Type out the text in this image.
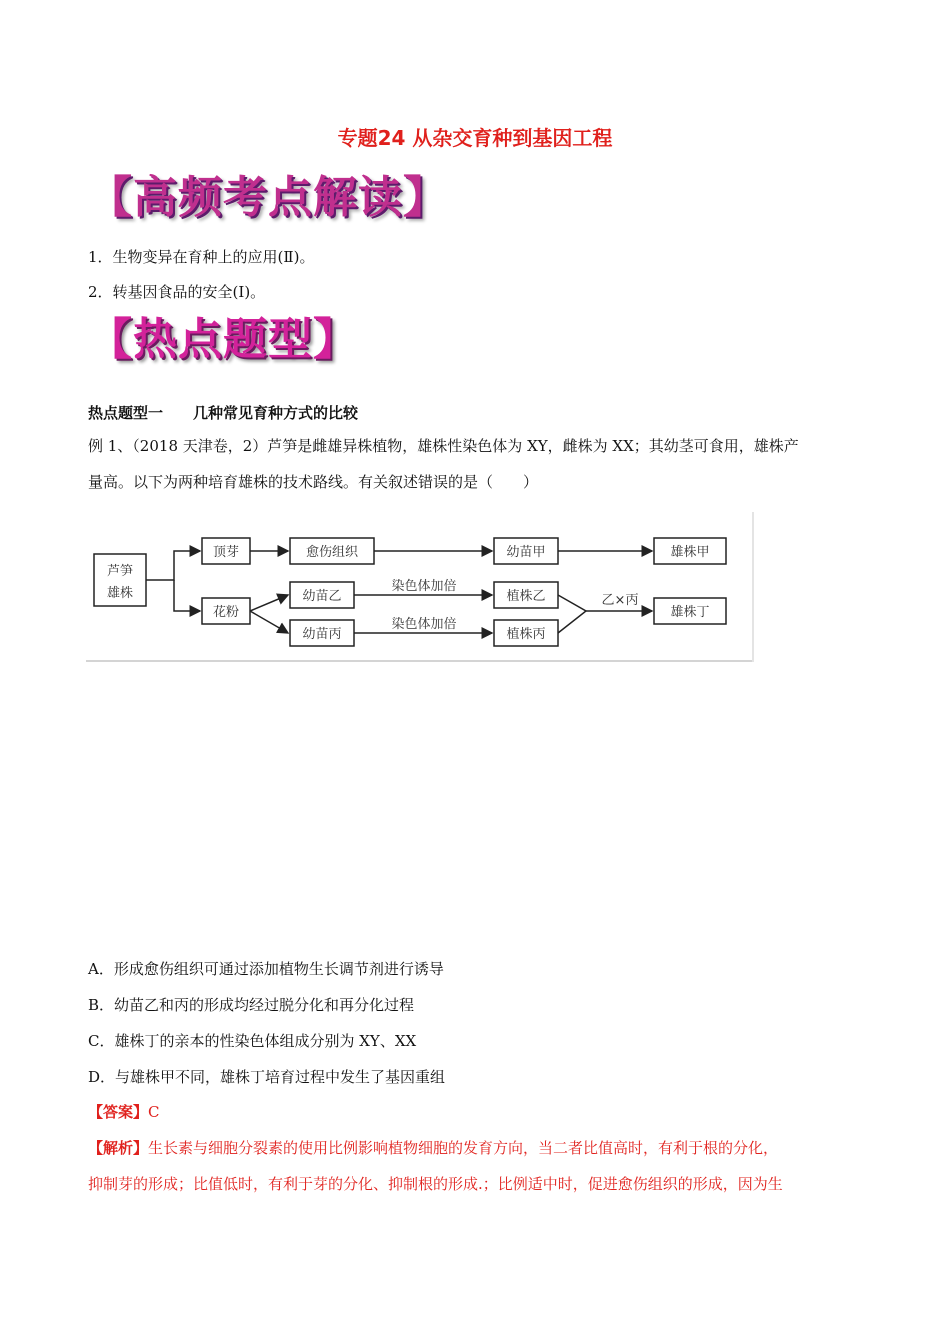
专题24 从杂交育种到基因工程
【高频考点解读】
1．生物变异在育种上的应用(Ⅱ)。
2．转基因食品的安全(Ⅰ)。
【热点题型】
热点题型一　　几种常见育种方式的比较
例 1、（2018 天津卷，2）芦笋是雌雄异株植物，雄株性染色体为 XY，雌株为 XX；其幼茎可食用，雄株产
量高。以下为两种培育雄株的技术路线。有关叙述错误的是（　　）
芦笋
雄株
顶芽	愈伤组织	幼苗甲	雄株甲
花粉
幼苗乙
幼苗丙
染色体加倍
染色体加倍
植株乙
植株丙
乙×丙
雄株丁
A．形成愈伤组织可通过添加植物生长调节剂进行诱导
B．幼苗乙和丙的形成均经过脱分化和再分化过程
C．雄株丁的亲本的性染色体组成分别为 XY、XX
D．与雄株甲不同，雄株丁培育过程中发生了基因重组
【答案】C
【解析】生长素与细胞分裂素的使用比例影响植物细胞的发育方向，当二者比值高时，有利于根的分化，
抑制芽的形成；比值低时，有利于芽的分化、抑制根的形成.；比例适中时，促进愈伤组织的形成，因为生
